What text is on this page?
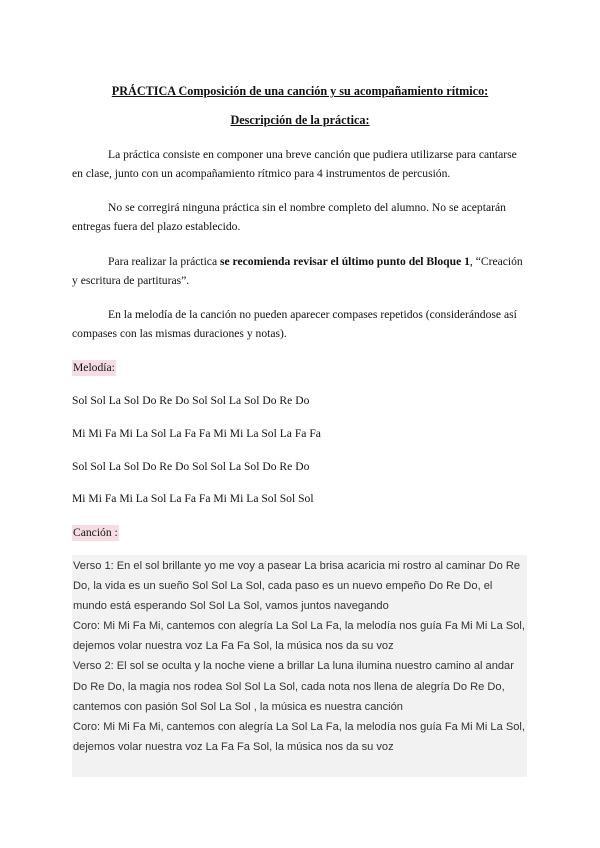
PRÁCTICA Composición de una canción y su acompañamiento rítmico:
Descripción de la práctica:

La práctica consiste en componer una breve canción que pudiera utilizarse para cantarse en clase, junto con un acompañamiento rítmico para 4 instrumentos de percusión.

No se corregirá ninguna práctica sin el nombre completo del alumno. No se aceptarán entregas fuera del plazo establecido.

Para realizar la práctica se recomienda revisar el último punto del Bloque 1, “Creación y escritura de partituras”.

En la melodía de la canción no pueden aparecer compases repetidos (considerándose así compases con las mismas duraciones y notas).

Melodía:
Sol Sol La Sol Do Re Do Sol Sol La Sol Do Re Do
Mi Mi Fa Mi La Sol La Fa Fa Mi Mi La Sol La Fa Fa
Sol Sol La Sol Do Re Do Sol Sol La Sol Do Re Do
Mi Mi Fa Mi La Sol La Fa Fa Mi Mi La Sol Sol Sol
Canción :
Verso 1: En el sol brillante yo me voy a pasear La brisa acaricia mi rostro al caminar Do Re Do, la vida es un sueño Sol Sol La Sol, cada paso es un nuevo empeño Do Re Do, el mundo está esperando Sol Sol La Sol, vamos juntos navegando
Coro: Mi Mi Fa Mi, cantemos con alegría La Sol La Fa, la melodía nos guía Fa Mi Mi La Sol, dejemos volar nuestra voz La Fa Fa Sol, la música nos da su voz
Verso 2: El sol se oculta y la noche viene a brillar La luna ilumina nuestro camino al andar Do Re Do, la magia nos rodea Sol Sol La Sol, cada nota nos llena de alegría Do Re Do, cantemos con pasión Sol Sol La Sol , la música es nuestra canción
Coro: Mi Mi Fa Mi, cantemos con alegría La Sol La Fa, la melodía nos guía Fa Mi Mi La Sol, dejemos volar nuestra voz La Fa Fa Sol, la música nos da su voz
